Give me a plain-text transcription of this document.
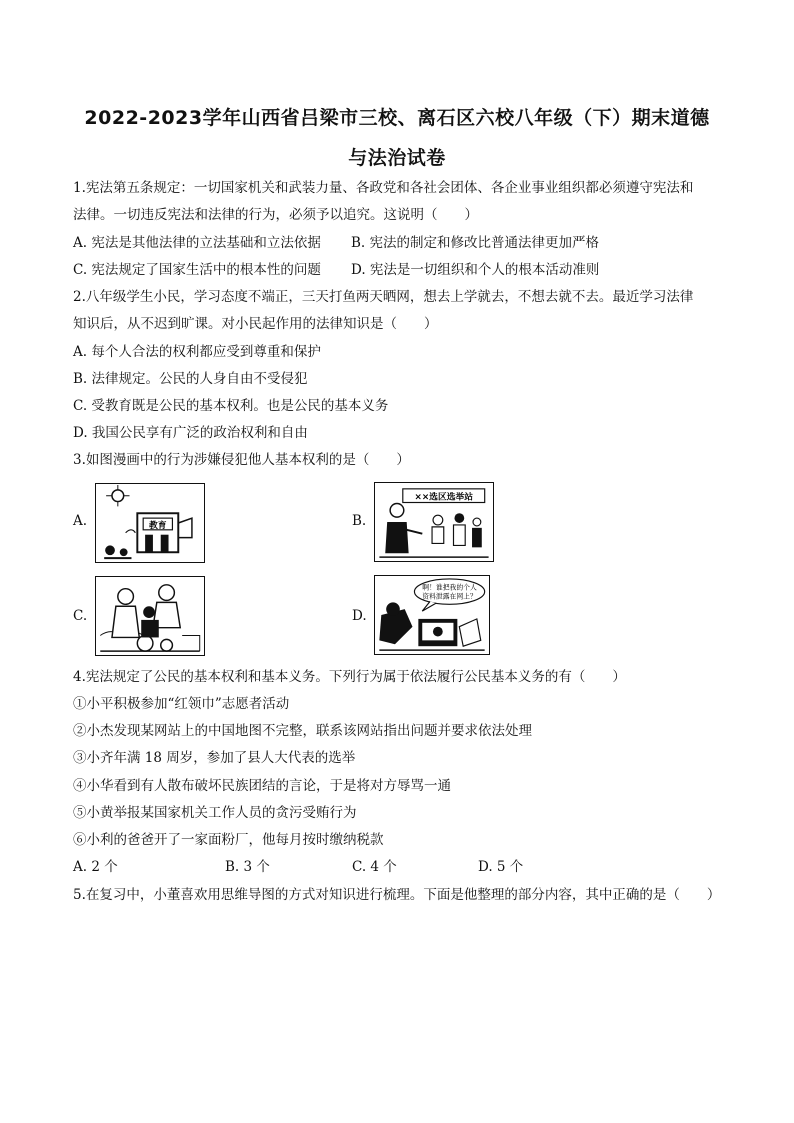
2022-2023学年山西省吕梁市三校、离石区六校八年级（下）期末道德
与法治试卷
1.宪法第五条规定：一切国家机关和武装力量、各政党和各社会团体、各企业事业组织都必须遵守宪法和
法律。一切违反宪法和法律的行为，必须予以追究。这说明（　　）
A. 宪法是其他法律的立法基础和立法依据 B. 宪法的制定和修改比普通法律更加严格
C. 宪法规定了国家生活中的根本性的问题 D. 宪法是一切组织和个人的根本活动准则
2.八年级学生小民，学习态度不端正，三天打鱼两天晒网，想去上学就去，不想去就不去。最近学习法律
知识后，从不迟到旷课。对小民起作用的法律知识是（　　）
A. 每个人合法的权利都应受到尊重和保护
B. 法律规定。公民的人身自由不受侵犯
C. 受教育既是公民的基本权利。也是公民的基本义务
D. 我国公民享有广泛的政治权利和自由
3.如图漫画中的行为涉嫌侵犯他人基本权利的是（　　）
A.	教育	B.
××选区选举站
C.	D.
啊！谁把我的个人
资料泄露在网上？
4.宪法规定了公民的基本权利和基本义务。下列行为属于依法履行公民基本义务的有（　　）
①小平积极参加“红领巾”志愿者活动
②小杰发现某网站上的中国地图不完整，联系该网站指出问题并要求依法处理
③小齐年满 18 周岁，参加了县人大代表的选举
④小华看到有人散布破坏民族团结的言论，于是将对方辱骂一通
⑤小黄举报某国家机关工作人员的贪污受贿行为
⑥小利的爸爸开了一家面粉厂，他每月按时缴纳税款
A. 2 个	B. 3 个	C. 4 个	D. 5 个
5.在复习中，小董喜欢用思维导图的方式对知识进行梳理。下面是他整理的部分内容，其中正确的是（　　）
